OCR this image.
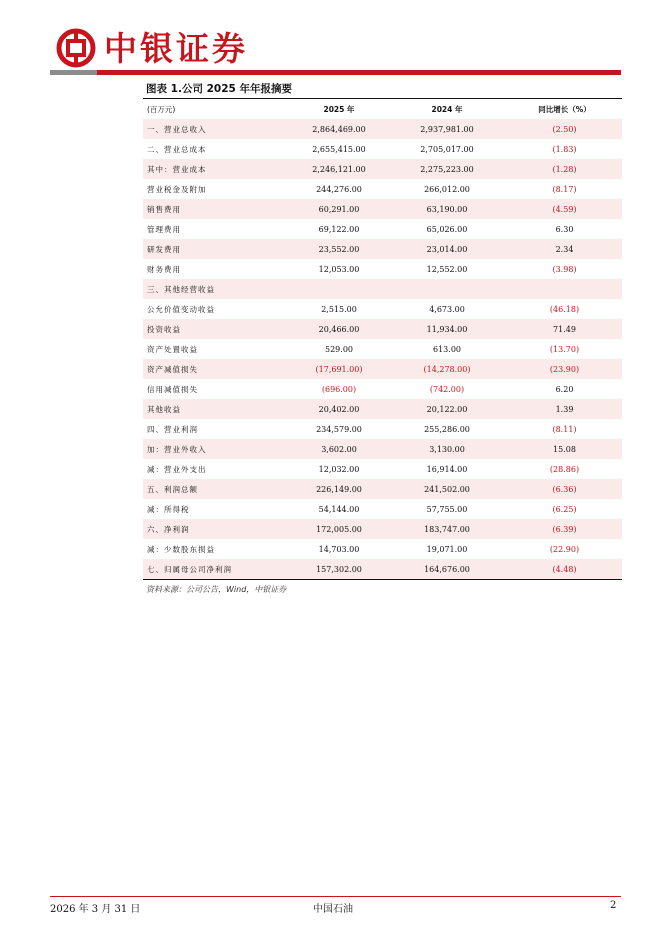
中银证券
图表 1.公司 2025 年年报摘要
(百万元)	2025 年	2024 年	同比增长（%）
一、营业总收入	2,864,469.00	2,937,981.00	(2.50)
二、营业总成本	2,655,415.00	2,705,017.00	(1.83)
其中：营业成本	2,246,121.00	2,275,223.00	(1.28)
营业税金及附加	244,276.00	266,012.00	(8.17)
销售费用	60,291.00	63,190.00	(4.59)
管理费用	69,122.00	65,026.00	6.30
研发费用	23,552.00	23,014.00	2.34
财务费用	12,053.00	12,552.00	(3.98)
三、其他经营收益			
公允价值变动收益	2,515.00	4,673.00	(46.18)
投资收益	20,466.00	11,934.00	71.49
资产处置收益	529.00	613.00	(13.70)
资产减值损失	(17,691.00)	(14,278.00)	(23.90)
信用减值损失	(696.00)	(742.00)	6.20
其他收益	20,402.00	20,122.00	1.39
四、营业利润	234,579.00	255,286.00	(8.11)
加：营业外收入	3,602.00	3,130.00	15.08
减：营业外支出	12,032.00	16,914.00	(28.86)
五、利润总额	226,149.00	241,502.00	(6.36)
减：所得税	54,144.00	57,755.00	(6.25)
六、净利润	172,005.00	183,747.00	(6.39)
减：少数股东损益	14,703.00	19,071.00	(22.90)
七、归属母公司净利润	157,302.00	164,676.00	(4.48)
资料来源：公司公告，Wind，中银证券
2026 年 3 月 31 日	中国石油	2
